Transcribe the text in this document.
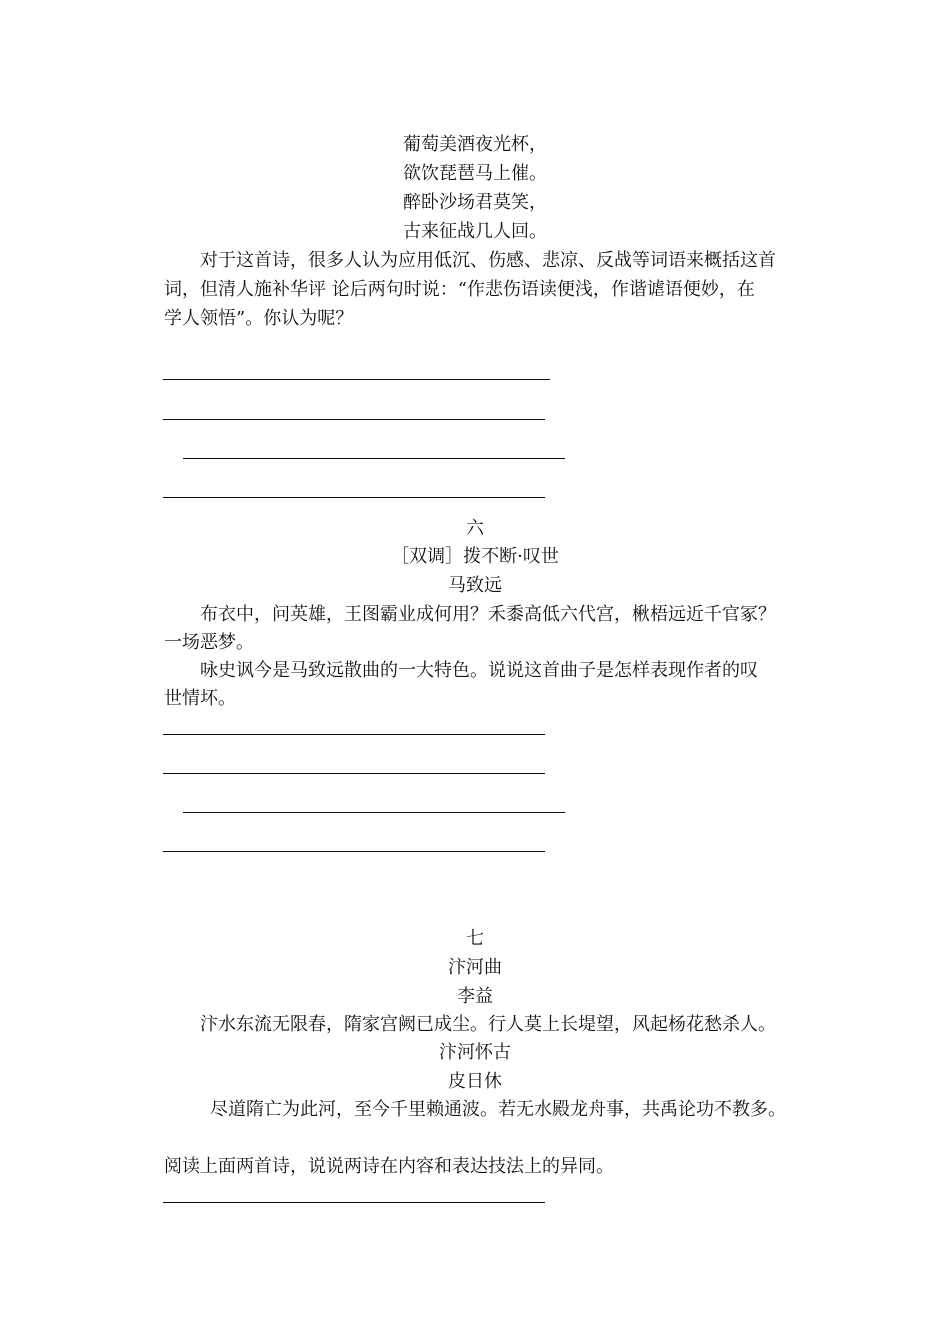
葡萄美酒夜光杯，
欲饮琵琶马上催。
醉卧沙场君莫笑，
古来征战几人回。
对于这首诗，很多人认为应用低沉、伤感、悲凉、反战等词语来概括这首
词，但清人施补华评 论后两句时说：“作悲伤语读便浅，作谐谑语便妙，在
学人领悟”。你认为呢？
六
［双调］拨不断·叹世
马致远
布衣中，问英雄，王图霸业成何用？禾黍高低六代宫，楸梧远近千官冢？
一场恶梦。
咏史讽今是马致远散曲的一大特色。说说这首曲子是怎样表现作者的叹
世情坏。
七
汴河曲
李益
汴水东流无限春，隋家宫阙已成尘。行人莫上长堤望，风起杨花愁杀人。
汴河怀古
皮日休
尽道隋亡为此河，至今千里赖通波。若无水殿龙舟事，共禹论功不教多。
阅读上面两首诗，说说两诗在内容和表达技法上的异同。
